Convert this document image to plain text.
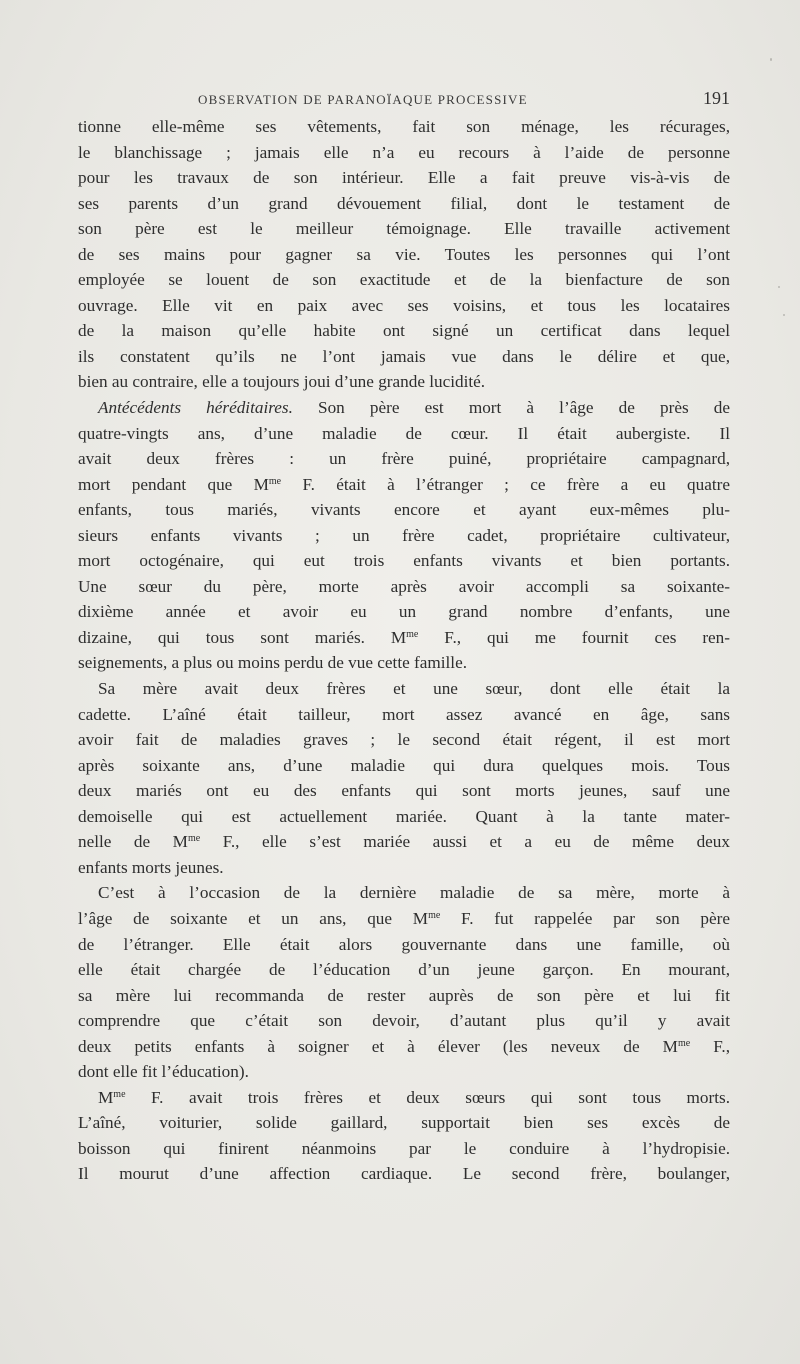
OBSERVATION DE PARANOÏAQUE PROCESSIVE	191
tionne elle-même ses vêtements, fait son ménage, les récurages,
le blanchissage ; jamais elle n’a eu recours à l’aide de personne
pour les travaux de son intérieur. Elle a fait preuve vis-à-vis de
ses parents d’un grand dévouement filial, dont le testament de
son père est le meilleur témoignage. Elle travaille activement
de ses mains pour gagner sa vie. Toutes les personnes qui l’ont
employée se louent de son exactitude et de la bienfacture de son
ouvrage. Elle vit en paix avec ses voisins, et tous les locataires
de la maison qu’elle habite ont signé un certificat dans lequel
ils constatent qu’ils ne l’ont jamais vue dans le délire et que,
bien au contraire, elle a toujours joui d’une grande lucidité.
Antécédents héréditaires. Son père est mort à l’âge de près de
quatre-vingts ans, d’une maladie de cœur. Il était aubergiste. Il
avait deux frères : un frère puiné, propriétaire campagnard,
mort pendant que $M^{me}$ F. était à l’étranger ; ce frère a eu quatre
enfants, tous mariés, vivants encore et ayant eux-mêmes plu-
sieurs enfants vivants ; un frère cadet, propriétaire cultivateur,
mort octogénaire, qui eut trois enfants vivants et bien portants.
Une sœur du père, morte après avoir accompli sa soixante-
dixième année et avoir eu un grand nombre d’enfants, une
dizaine, qui tous sont mariés. $M^{me}$ F., qui me fournit ces ren-
seignements, a plus ou moins perdu de vue cette famille.
Sa mère avait deux frères et une sœur, dont elle était la
cadette. L’aîné était tailleur, mort assez avancé en âge, sans
avoir fait de maladies graves ; le second était régent, il est mort
après soixante ans, d’une maladie qui dura quelques mois. Tous
deux mariés ont eu des enfants qui sont morts jeunes, sauf une
demoiselle qui est actuellement mariée. Quant à la tante mater-
nelle de $M^{me}$ F., elle s’est mariée aussi et a eu de même deux
enfants morts jeunes.
C’est à l’occasion de la dernière maladie de sa mère, morte à
l’âge de soixante et un ans, que $M^{me}$ F. fut rappelée par son père
de l’étranger. Elle était alors gouvernante dans une famille, où
elle était chargée de l’éducation d’un jeune garçon. En mourant,
sa mère lui recommanda de rester auprès de son père et lui fit
comprendre que c’était son devoir, d’autant plus qu’il y avait
deux petits enfants à soigner et à élever (les neveux de $M^{me}$ F.,
dont elle fit l’éducation).
$M^{me}$ F. avait trois frères et deux sœurs qui sont tous morts.
L’aîné, voiturier, solide gaillard, supportait bien ses excès de
boisson qui finirent néanmoins par le conduire à l’hydropisie.
Il mourut d’une affection cardiaque. Le second frère, boulanger,
